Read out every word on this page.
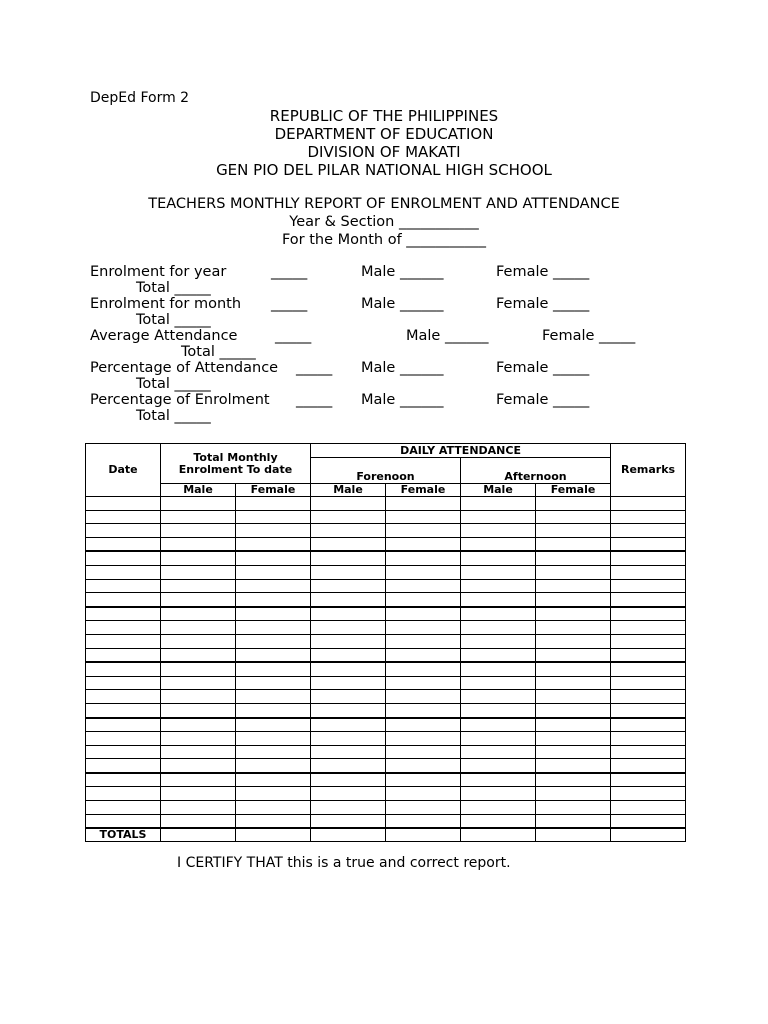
DepEd Form 2
REPUBLIC OF THE PHILIPPINES
DEPARTMENT OF EDUCATION
DIVISION OF MAKATI
GEN PIO DEL PILAR NATIONAL HIGH SCHOOL
TEACHERS MONTHLY REPORT OF ENROLMENT AND ATTENDANCE
Year & Section ___________
For the Month of ___________
Enrolment for year	_____	Male ______	Female _____
Total _____
Enrolment for month _____	Male ______	Female _____
Total _____
Average Attendance	_____	Male ______	Female _____
Total _____
Percentage of Attendance _____ Male ______	Female _____
Total _____
Percentage of Enrolment _____ Male ______	Female _____
Total _____
Date	Total Monthly Enrolment To date		DAILY ATTENDANCE				Remarks
			Forenoon		Afternoon		
	Male	Female	Male	Female	Male	Female	

TOTALS							
I CERTIFY THAT this is a true and correct report.
